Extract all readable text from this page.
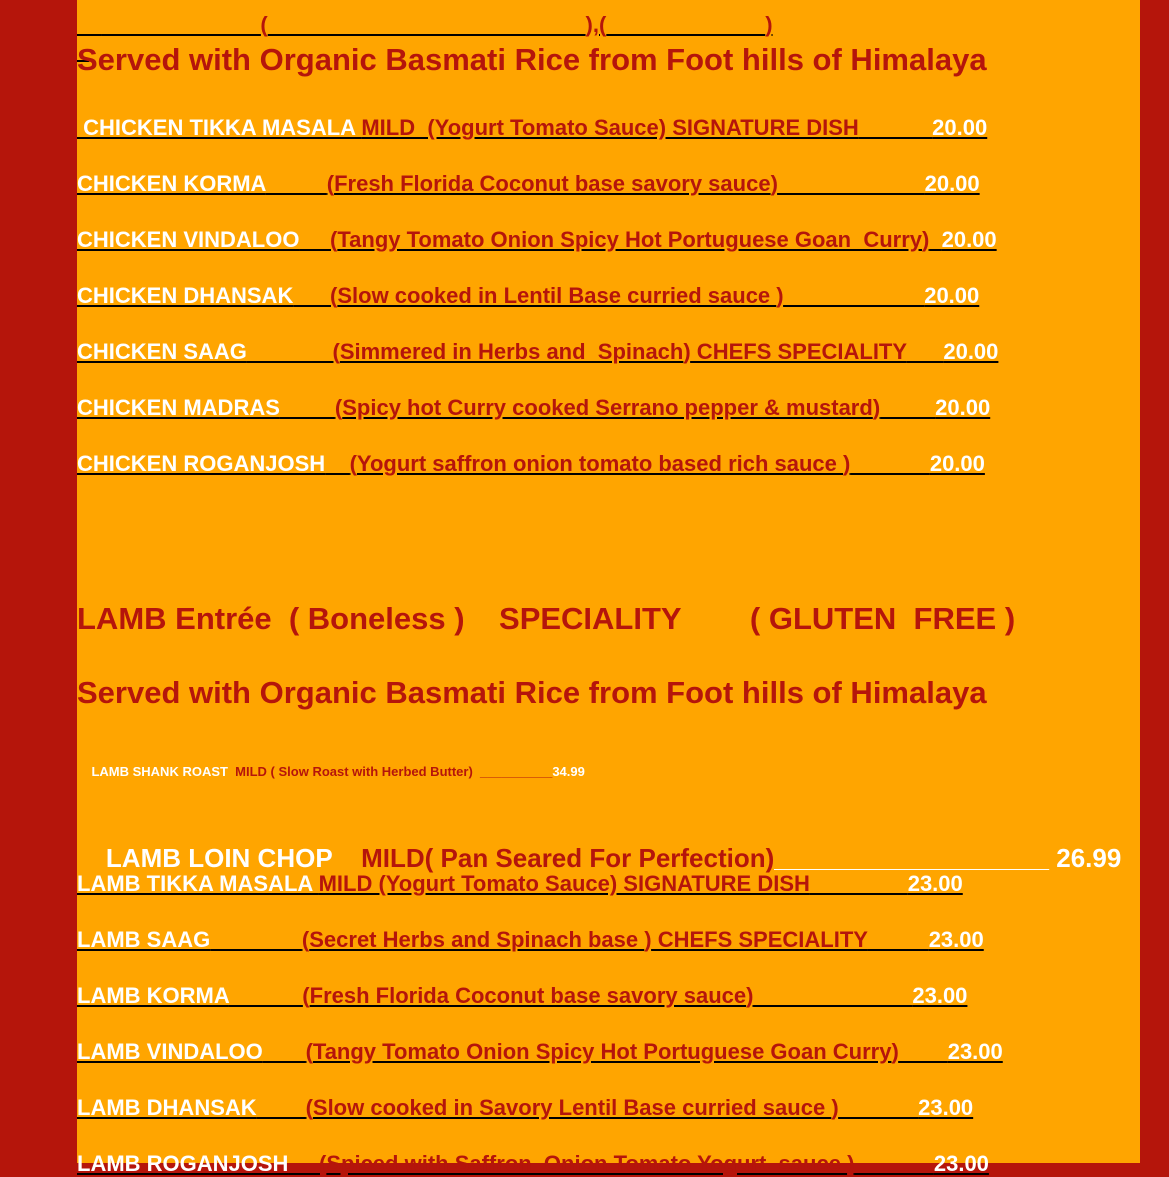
(	),(	)

Served with Organic Basmati Rice from Foot hills of Himalaya
CHICKEN TIKKA MASALA MILD  (Yogurt Tomato Sauce) SIGNATURE DISH	20.00
CHICKEN KORMA	(Fresh Florida Coconut base savory sauce)	20.00
CHICKEN VINDALOO (Tangy Tomato Onion Spicy Hot Portuguese Goan  Curry) 20.00
CHICKEN DHANSAK (Slow cooked in Lentil Base curried sauce )	20.00
CHICKEN SAAG	(Simmered in Herbs and  Spinach) CHEFS SPECIALITY 20.00
CHICKEN MADRAS	(Spicy hot Curry cooked Serrano pepper & mustard)	20.00
CHICKEN ROGANJOSH (Yogurt saffron onion tomato based rich sauce )	20.00
LAMB Entrée  ( Boneless )    SPECIALITY        ( GLUTEN  FREE )
Served with Organic Basmati Rice from Foot hills of Himalaya

LAMB SHANK ROAST  MILD ( Slow Roast with Herbed Butter)  __________34.99

LAMB LOIN CHOP    MILD( Pan Seared For Perfection)___________________ 26.99

LAMB TIKKA MASALA MILD (Yogurt Tomato Sauce) SIGNATURE DISH	23.00
LAMB SAAG	(Secret Herbs and Spinach base ) CHEFS SPECIALITY	23.00
LAMB KORMA	(Fresh Florida Coconut base savory sauce)	23.00
LAMB VINDALOO (Tangy Tomato Onion Spicy Hot Portuguese Goan Curry) 23.00
LAMB DHANSAK (Slow cooked in Savory Lentil Base curried sauce )	23.00
LAMB ROGANJOSH (Spiced with Saffron  Onion Tomato Yogurt  sauce )	23.00
